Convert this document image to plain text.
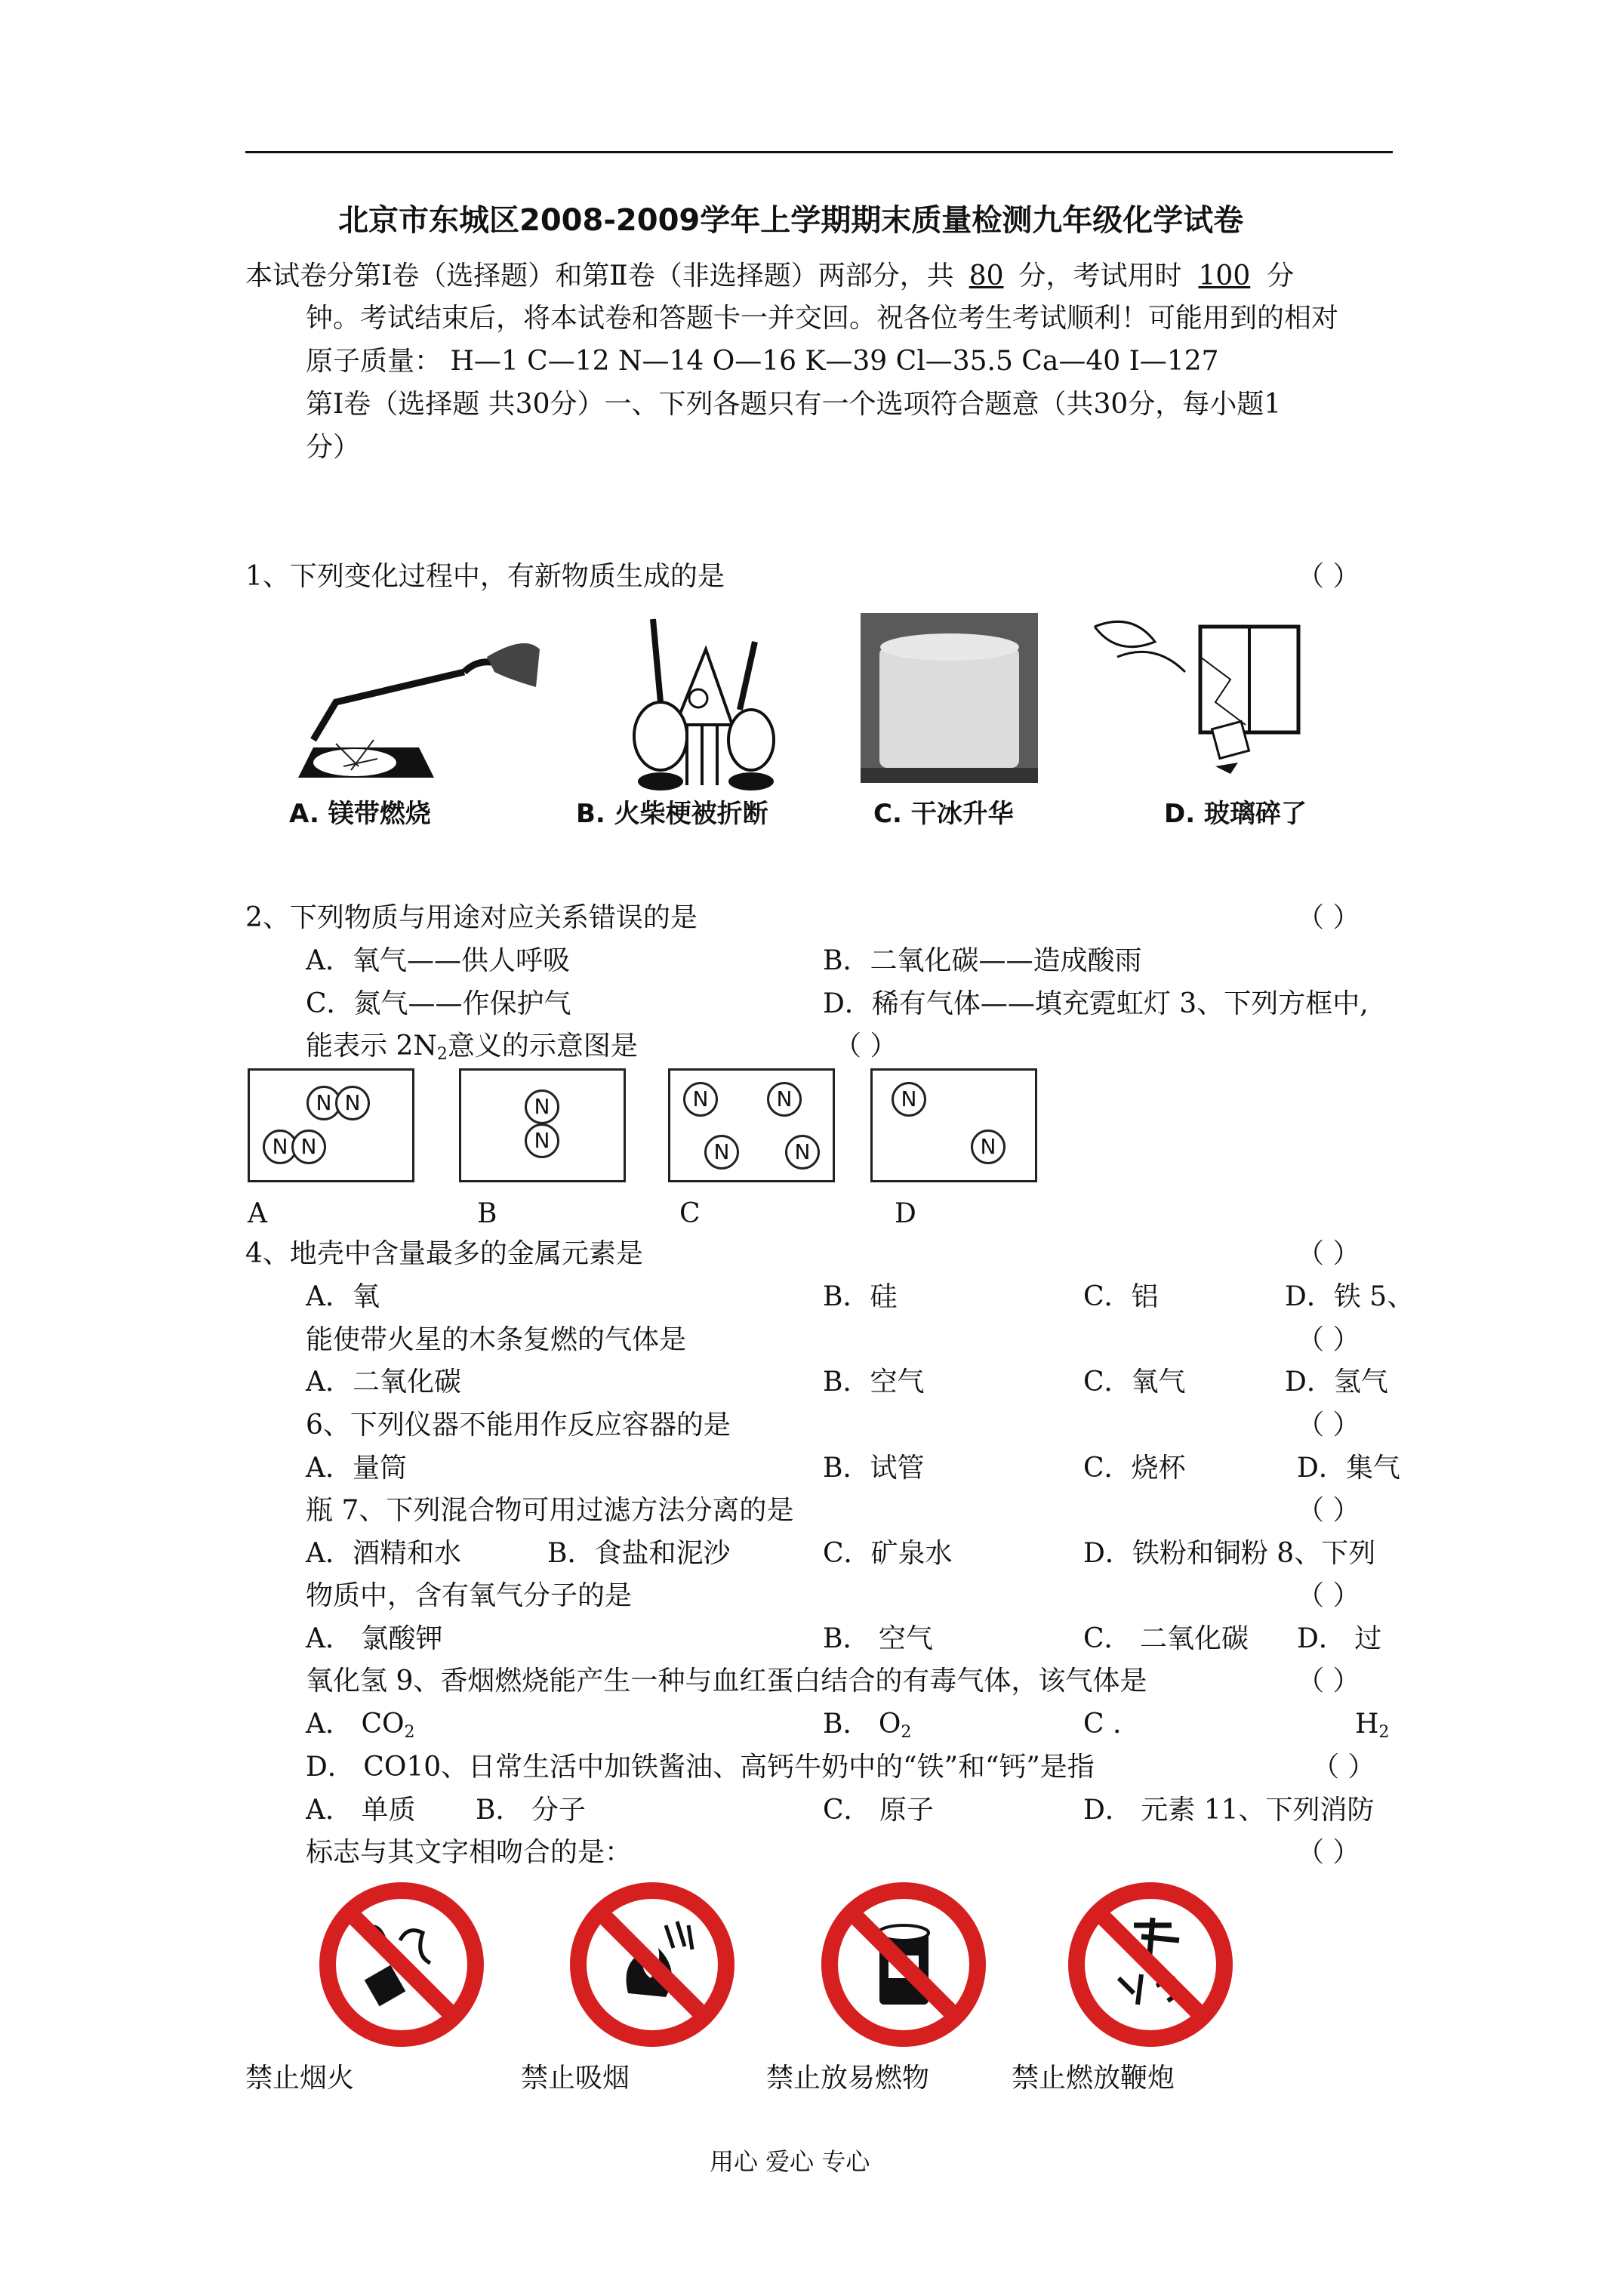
北京市东城区2008-2009学年上学期期末质量检测九年级化学试卷
本试卷分第Ⅰ卷（选择题）和第Ⅱ卷（非选择题）两部分，共 80 分，考试用时 100 分
钟。考试结束后，将本试卷和答题卡一并交回。祝各位考生考试顺利！可能用到的相对
原子质量： H—1 C—12 N—14 O—16 K—39 Cl—35.5 Ca—40 I—127
第Ⅰ卷（选择题 共30分）一、下列各题只有一个选项符合题意（共30分，每小题1
分）
1、下列变化过程中，有新物质生成的是	（ ）
A. 镁带燃烧	B. 火柴梗被折断	C. 干冰升华	D. 玻璃碎了
2、下列物质与用途对应关系错误的是	（ ）
A．氧气——供人呼吸	B．二氧化碳——造成酸雨
C．氮气——作保护气	D．稀有气体——填充霓虹灯 3、下列方框中,
能表示 $2N_2$意义的示意图是	（ ）
N N
N N
N
N
N	N
N	N
N
N
A	B	C	D
4、地壳中含量最多的金属元素是	（ ）
A．氧	B．硅	C．铝	D．铁 5、
能使带火星的木条复燃的气体是	（ ）
A．二氧化碳	B．空气	C．氧气	D．氢气
6、下列仪器不能用作反应容器的是	（ ）
A．量筒	B．试管	C．烧杯	D．集气
瓶 7、下列混合物可用过滤方法分离的是	（ ）
A．酒精和水	B．食盐和泥沙	C．矿泉水	D．铁粉和铜粉 8、下列
物质中，含有氧气分子的是	（ ）
A． 氯酸钾	B． 空气	C． 二氧化碳 D． 过
氧化氢 9、香烟燃烧能产生一种与血红蛋白结合的有毒气体，该气体是	（ ）
A． $CO_2$	B． $O_2$	C .	$H_2$
D． CO10、日常生活中加铁酱油、高钙牛奶中的“铁”和“钙”是指	（ ）
A． 单质 B． 分子	C． 原子	D． 元素 11、下列消防
标志与其文字相吻合的是：	（ ）
禁止烟火	禁止吸烟	禁止放易燃物	禁止燃放鞭炮
用心 爱心 专心
